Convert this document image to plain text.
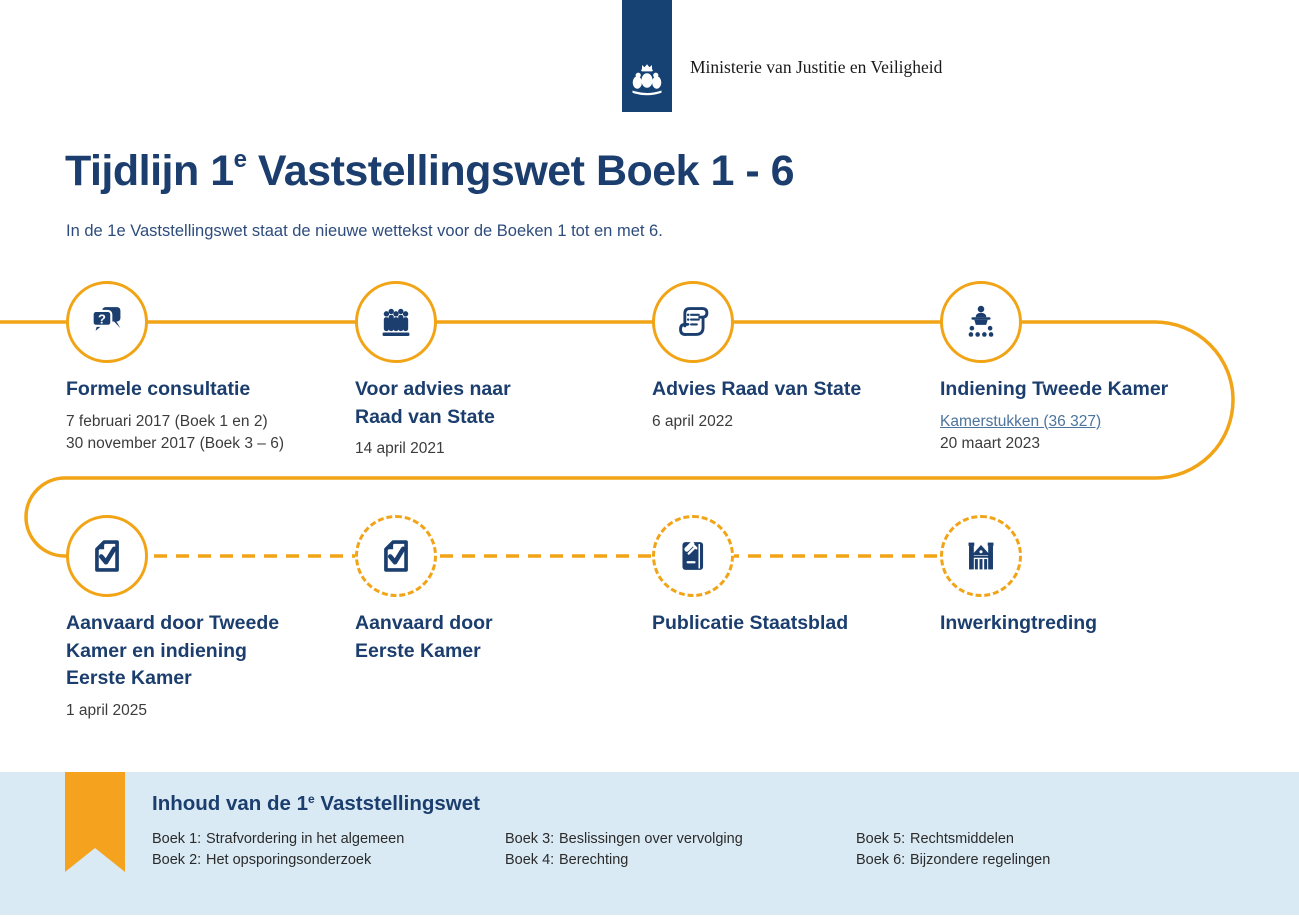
Ministerie van Justitie en Veiligheid
Tijdlijn 1e Vaststellingswet Boek 1 - 6
In de 1e Vaststellingswet staat de nieuwe wettekst voor de Boeken 1 tot en met 6.
?
Formele consultatie
7 februari 2017 (Boek 1 en 2)
30 november 2017 (Boek 3 – 6)
Voor advies naar
Raad van State
14 april 2021
Advies Raad van State
6 april 2022
Indiening Tweede Kamer
Kamerstukken (36 327)
20 maart 2023
Aanvaard door Tweede
Kamer en indiening
Eerste Kamer
1 april 2025
Aanvaard door
Eerste Kamer
Publicatie Staatsblad	Inwerkingtreding
Inhoud van de 1e Vaststellingswet
Boek 1: Strafvordering in het algemeen
Boek 2: Het opsporingsonderzoek
Boek 3: Beslissingen over vervolging
Boek 4: Berechting
Boek 5: Rechtsmiddelen
Boek 6: Bijzondere regelingen
